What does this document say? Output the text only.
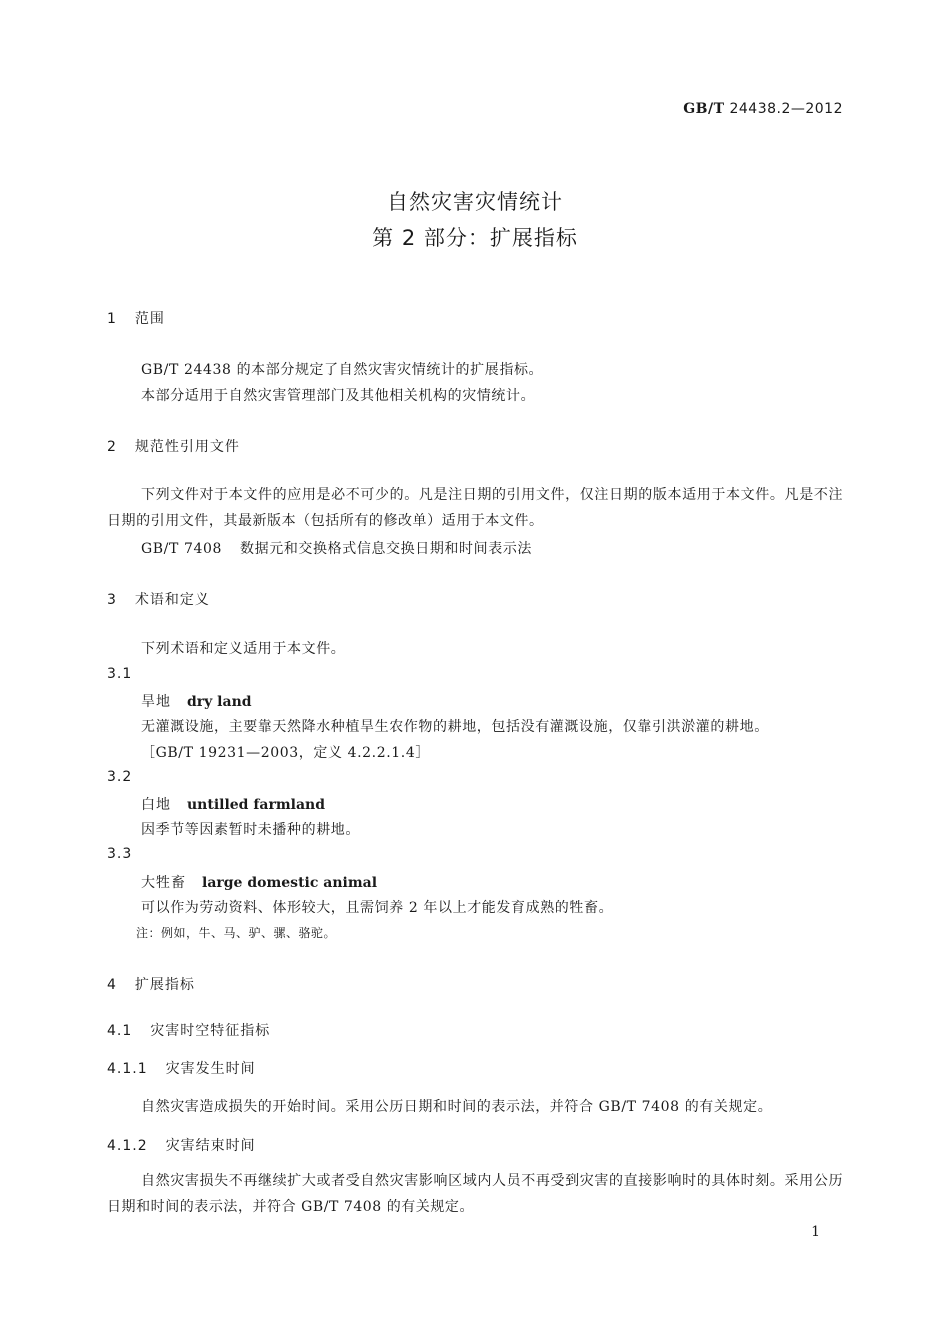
GB/T 24438.2—2012
自然灾害灾情统计
第 2 部分：扩展指标
1 范围
GB/T 24438 的本部分规定了自然灾害灾情统计的扩展指标。
本部分适用于自然灾害管理部门及其他相关机构的灾情统计。
2 规范性引用文件
下列文件对于本文件的应用是必不可少的。凡是注日期的引用文件，仅注日期的版本适用于本文件。凡是不注日期的引用文件，其最新版本（包括所有的修改单）适用于本文件。
GB/T 7408 数据元和交换格式信息交换日期和时间表示法
3 术语和定义
下列术语和定义适用于本文件。
3.1
旱地 dry land
无灌溉设施，主要靠天然降水种植旱生农作物的耕地，包括没有灌溉设施，仅靠引洪淤灌的耕地。
［GB/T 19231—2003，定义 4.2.2.1.4］
3.2
白地 untilled farmland
因季节等因素暂时未播种的耕地。
3.3
大牲畜 large domestic animal
可以作为劳动资料、体形较大，且需饲养 2 年以上才能发育成熟的牲畜。
注：例如，牛、马、驴、骡、骆驼。
4 扩展指标
4.1 灾害时空特征指标
4.1.1 灾害发生时间
自然灾害造成损失的开始时间。采用公历日期和时间的表示法，并符合 GB/T 7408 的有关规定。
4.1.2 灾害结束时间
自然灾害损失不再继续扩大或者受自然灾害影响区域内人员不再受到灾害的直接影响时的具体时刻。采用公历日期和时间的表示法，并符合 GB/T 7408 的有关规定。
1
